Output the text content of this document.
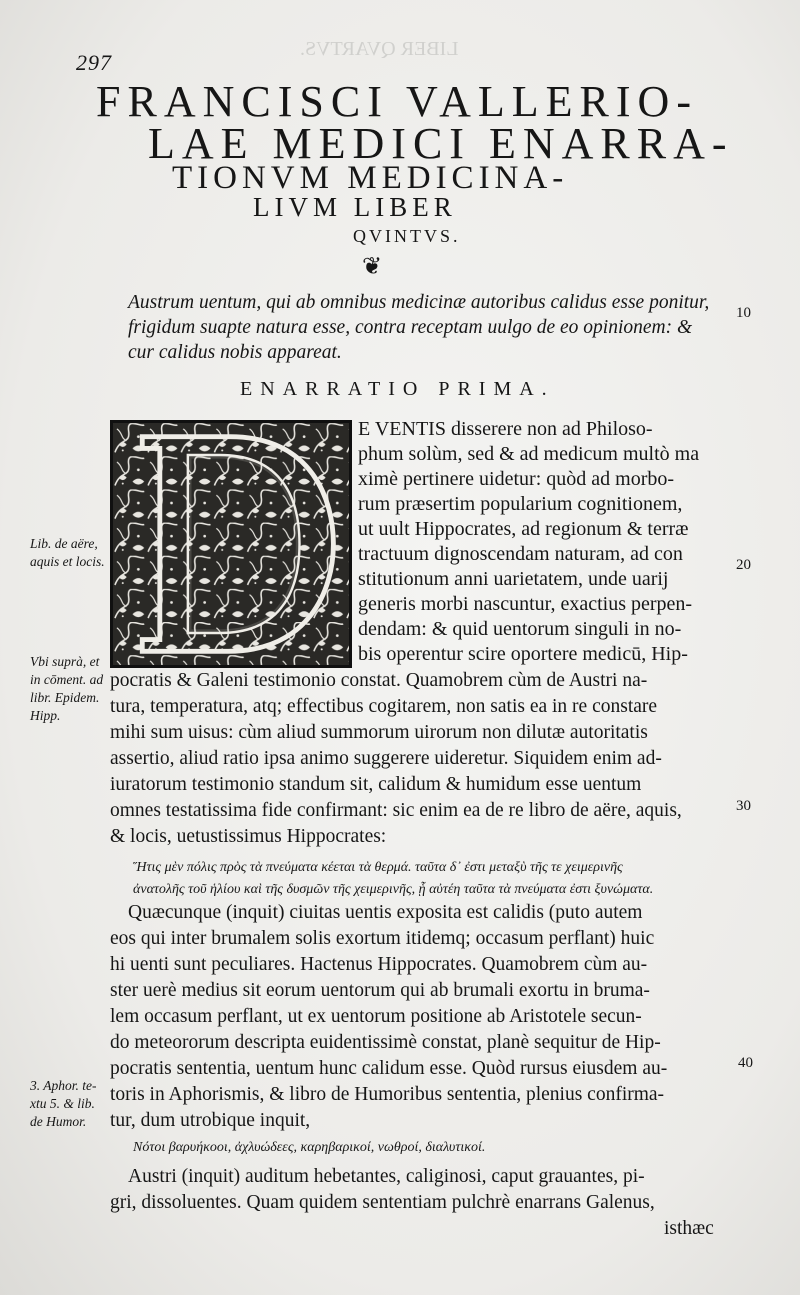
LIBER QVARTVS.
297
FRANCISCI VALLERIO-
LAE MEDICI ENARRA-
TIONVM MEDICINA-
LIVM LIBER
QVINTVS.
❦
Austrum uentum, qui ab omnibus medicinæ autoribus calidus esse ponitur,
frigidum suapte natura esse, contra receptam uulgo de eo opinionem: &
cur calidus nobis appareat.
ENARRATIO PRIMA.
10
20
30
40
Lib. de aëre,
aquis et locis.
Vbi suprà, et
in cōment. ad
libr. Epidem.
Hipp.
3. Aphor. te-
xtu 5. & lib.
de Humor.
E VENTIS disserere non ad Philoso-
phum solùm, sed & ad medicum multò ma
ximè pertinere uidetur: quòd ad morbo-
rum præsertim popularium cognitionem,
ut uult Hippocrates, ad regionum & terræ
tractuum dignoscendam naturam, ad con
stitutionum anni uarietatem, unde uarij
generis morbi nascuntur, exactius perpen-
dendam: & quid uentorum singuli in no-
bis operentur scire oportere medicū, Hip-
pocratis & Galeni testimonio constat. Quamobrem cùm de Austri na-
tura, temperatura, atq; effectibus cogitarem, non satis ea in re constare
mihi sum uisus: cùm aliud summorum uirorum non dilutæ autoritatis
assertio, aliud ratio ipsa animo suggerere uideretur. Siquidem enim ad-
iuratorum testimonio standum sit, calidum & humidum esse uentum
omnes testatissima fide confirmant: sic enim ea de re libro de aëre, aquis,
& locis, uetustissimus Hippocrates:
Ἥτις μὲν πόλις πρὸς τὰ πνεύματα κέεται τὰ θερμά. ταῦτα δ᾽ ἐστι μεταξὺ τῆς τε χειμερινῆς
ἀνατολῆς τοῦ ἡλίου καὶ τῆς δυσμῶν τῆς χειμερινῆς, ᾗ αὐτέη ταῦτα τὰ πνεύματα ἐστι ξυνώματα.
Quæcunque (inquit) ciuitas uentis exposita est calidis (puto autem
eos qui inter brumalem solis exortum itidemq; occasum perflant) huic
hi uenti sunt peculiares. Hactenus Hippocrates. Quamobrem cùm au-
ster uerè medius sit eorum uentorum qui ab brumali exortu in bruma-
lem occasum perflant, ut ex uentorum positione ab Aristotele secun-
do meteororum descripta euidentissimè constat, planè sequitur de Hip-
pocratis sententia, uentum hunc calidum esse. Quòd rursus eiusdem au-
toris in Aphorismis, & libro de Humoribus sententia, plenius confirma-
tur, dum utrobique inquit,
Νότοι βαρυήκοοι, ἀχλυώδεες, καρηβαρικοί, νωθροί, διαλυτικοί.
Austri (inquit) auditum hebetantes, caliginosi, caput grauantes, pi-
gri, dissoluentes. Quam quidem sententiam pulchrè enarrans Galenus,
isthæc
